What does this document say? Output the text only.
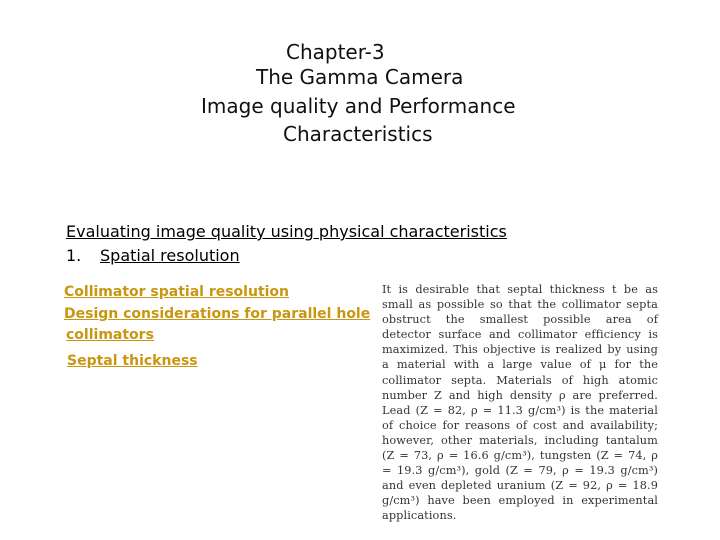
Chapter-3
The Gamma Camera
Image quality and Performance
Characteristics
Evaluating image quality using physical characteristics
1. Spatial resolution
Collimator spatial resolution
Design considerations for parallel hole
collimators
Septal thickness
It is desirable that septal thickness t be as small as possible so that the collimator septa obstruct the smallest possible area of detector surface and collimator efficiency is maximized. This objective is realized by using a material with a large value of μ for the collimator septa. Materials of high atomic number Z and high density ρ are preferred. Lead (Z = 82, ρ = 11.3 g/cm³) is the material of choice for reasons of cost and availability; however, other materials, including tantalum (Z = 73, ρ = 16.6 g/cm³), tungsten (Z = 74, ρ = 19.3 g/cm³), gold (Z = 79, ρ = 19.3 g/cm³) and even depleted uranium (Z = 92, ρ = 18.9 g/cm³) have been employed in experimental applications.
